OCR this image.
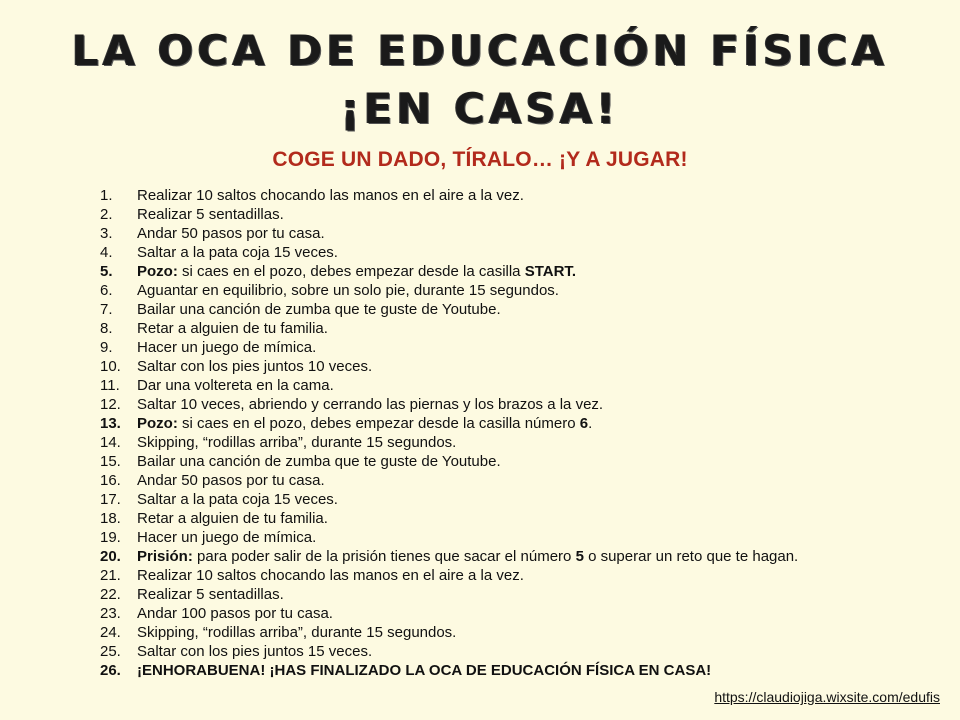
LA OCA DE EDUCACIÓN FÍSICA
¡EN CASA!
COGE UN DADO, TÍRALO… ¡Y A JUGAR!
1.	Realizar 10 saltos chocando las manos en el aire a la vez.
2.	Realizar 5 sentadillas.
3.	Andar 50 pasos por tu casa.
4.	Saltar a la pata coja 15 veces.
5.	Pozo: si caes en el pozo, debes empezar desde la casilla START.
6.	Aguantar en equilibrio, sobre un solo pie, durante 15 segundos.
7.	Bailar una canción de zumba que te guste de Youtube.
8.	Retar a alguien de tu familia.
9.	Hacer un juego de mímica.
10.	Saltar con los pies juntos 10 veces.
11.	Dar una voltereta en la cama.
12.	Saltar 10 veces, abriendo y cerrando las piernas y los brazos a la vez.
13.	Pozo: si caes en el pozo, debes empezar desde la casilla número 6.
14.	Skipping, “rodillas arriba”, durante 15 segundos.
15.	Bailar una canción de zumba que te guste de Youtube.
16.	Andar 50 pasos por tu casa.
17.	Saltar a la pata coja 15 veces.
18.	Retar a alguien de tu familia.
19.	Hacer un juego de mímica.
20.	Prisión: para poder salir de la prisión tienes que sacar el número 5 o superar un reto que te hagan.
21.	Realizar 10 saltos chocando las manos en el aire a la vez.
22.	Realizar 5 sentadillas.
23.	Andar 100 pasos por tu casa.
24.	Skipping, “rodillas arriba”, durante 15 segundos.
25.	Saltar con los pies juntos 15 veces.
26.	¡ENHORABUENA! ¡HAS FINALIZADO LA OCA DE EDUCACIÓN FÍSICA EN CASA!
https://claudiojiga.wixsite.com/edufis
